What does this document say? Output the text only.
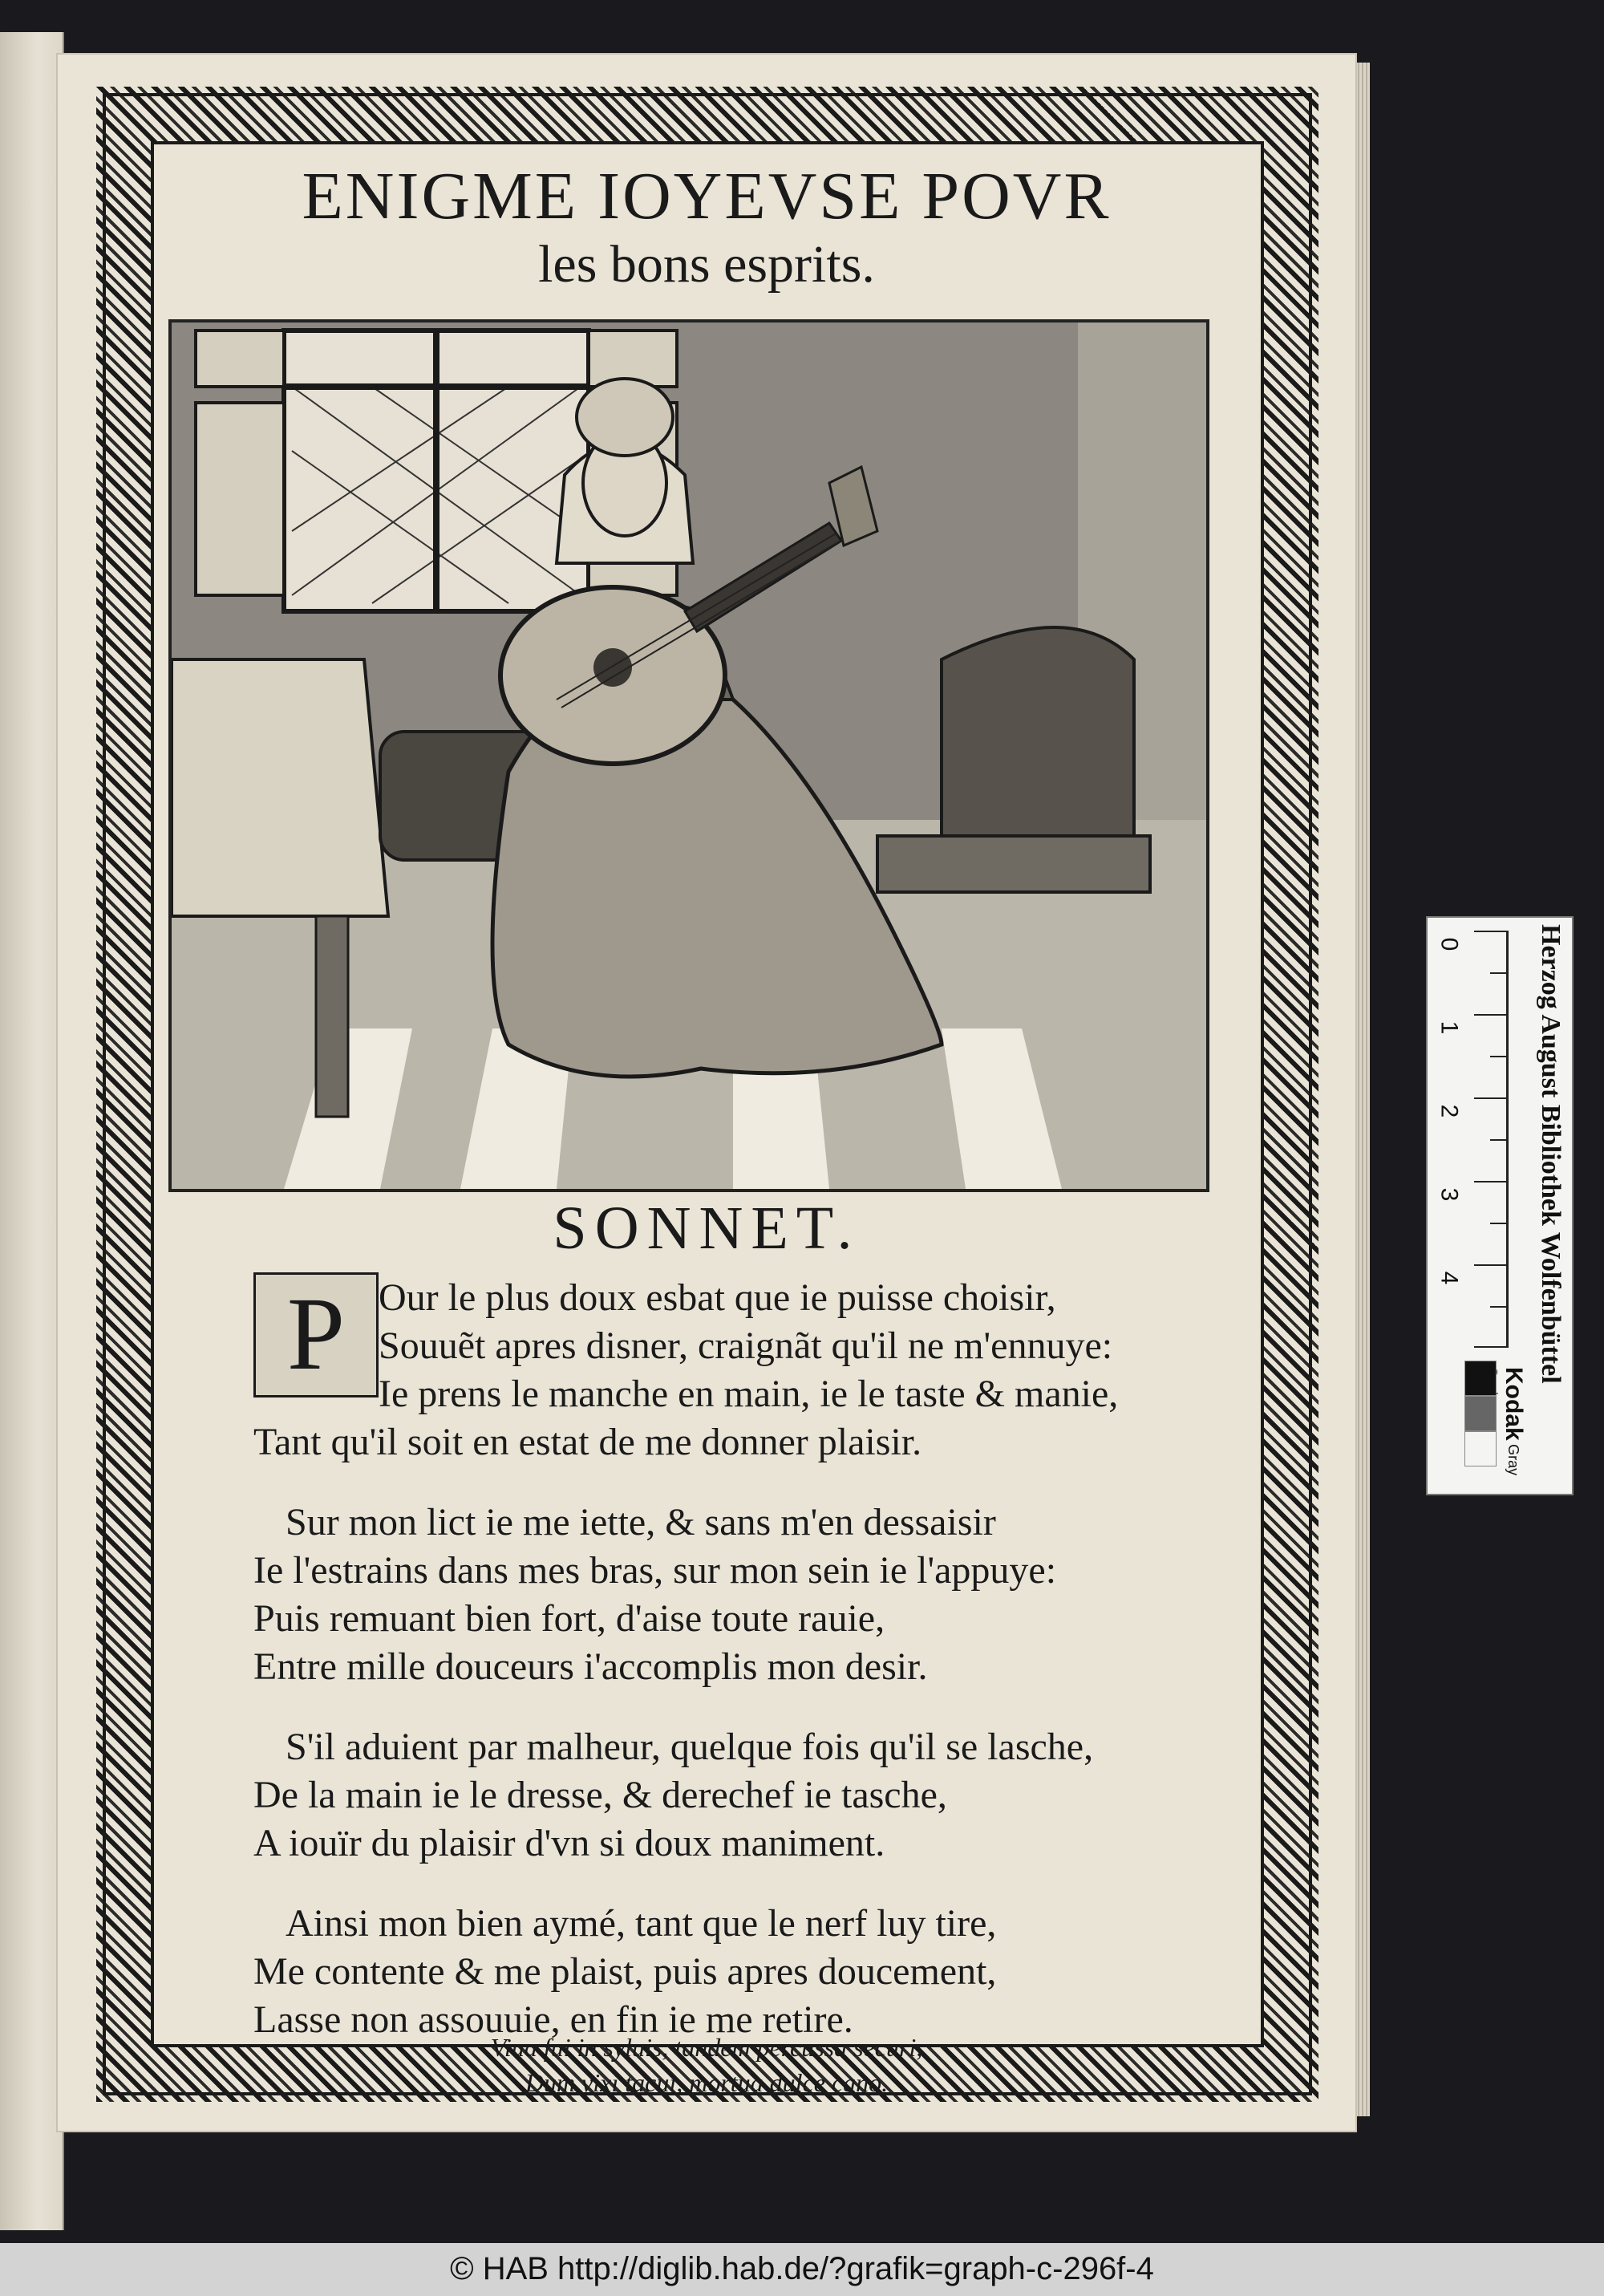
ENIGME IOYEVSE POVR
les bons esprits.
SONNET.
P Our le plus doux esbat que ie puisse choisir,
Souuẽt apres disner, craignãt qu'il ne m'ennuye:
Ie prens le manche en main, ie le taste & manie,
Tant qu'il soit en estat de me donner plaisir.
Sur mon lict ie me iette, & sans m'en dessaisir
Ie l'estrains dans mes bras, sur mon sein ie l'appuye:
Puis remuant bien fort, d'aise toute rauie,
Entre mille douceurs i'accomplis mon desir.
S'il aduient par malheur, quelque fois qu'il se lasche,
De la main ie le dresse, & derechef ie tasche,
A iouïr du plaisir d'vn si doux maniment.
Ainsi mon bien aymé, tant que le nerf luy tire,
Me contente & me plaist, puis apres doucement,
Lasse non assouuie, en fin ie me retire.
Viua fui in syluis, tandem percussa securi,
Dum vixi tacui, mortua dulce cano.
0
1
2
3
4
Kodak Gray
Herzog August Bibliothek Wolfenbüttel
© HAB http://diglib.hab.de/?grafik=graph-c-296f-4
